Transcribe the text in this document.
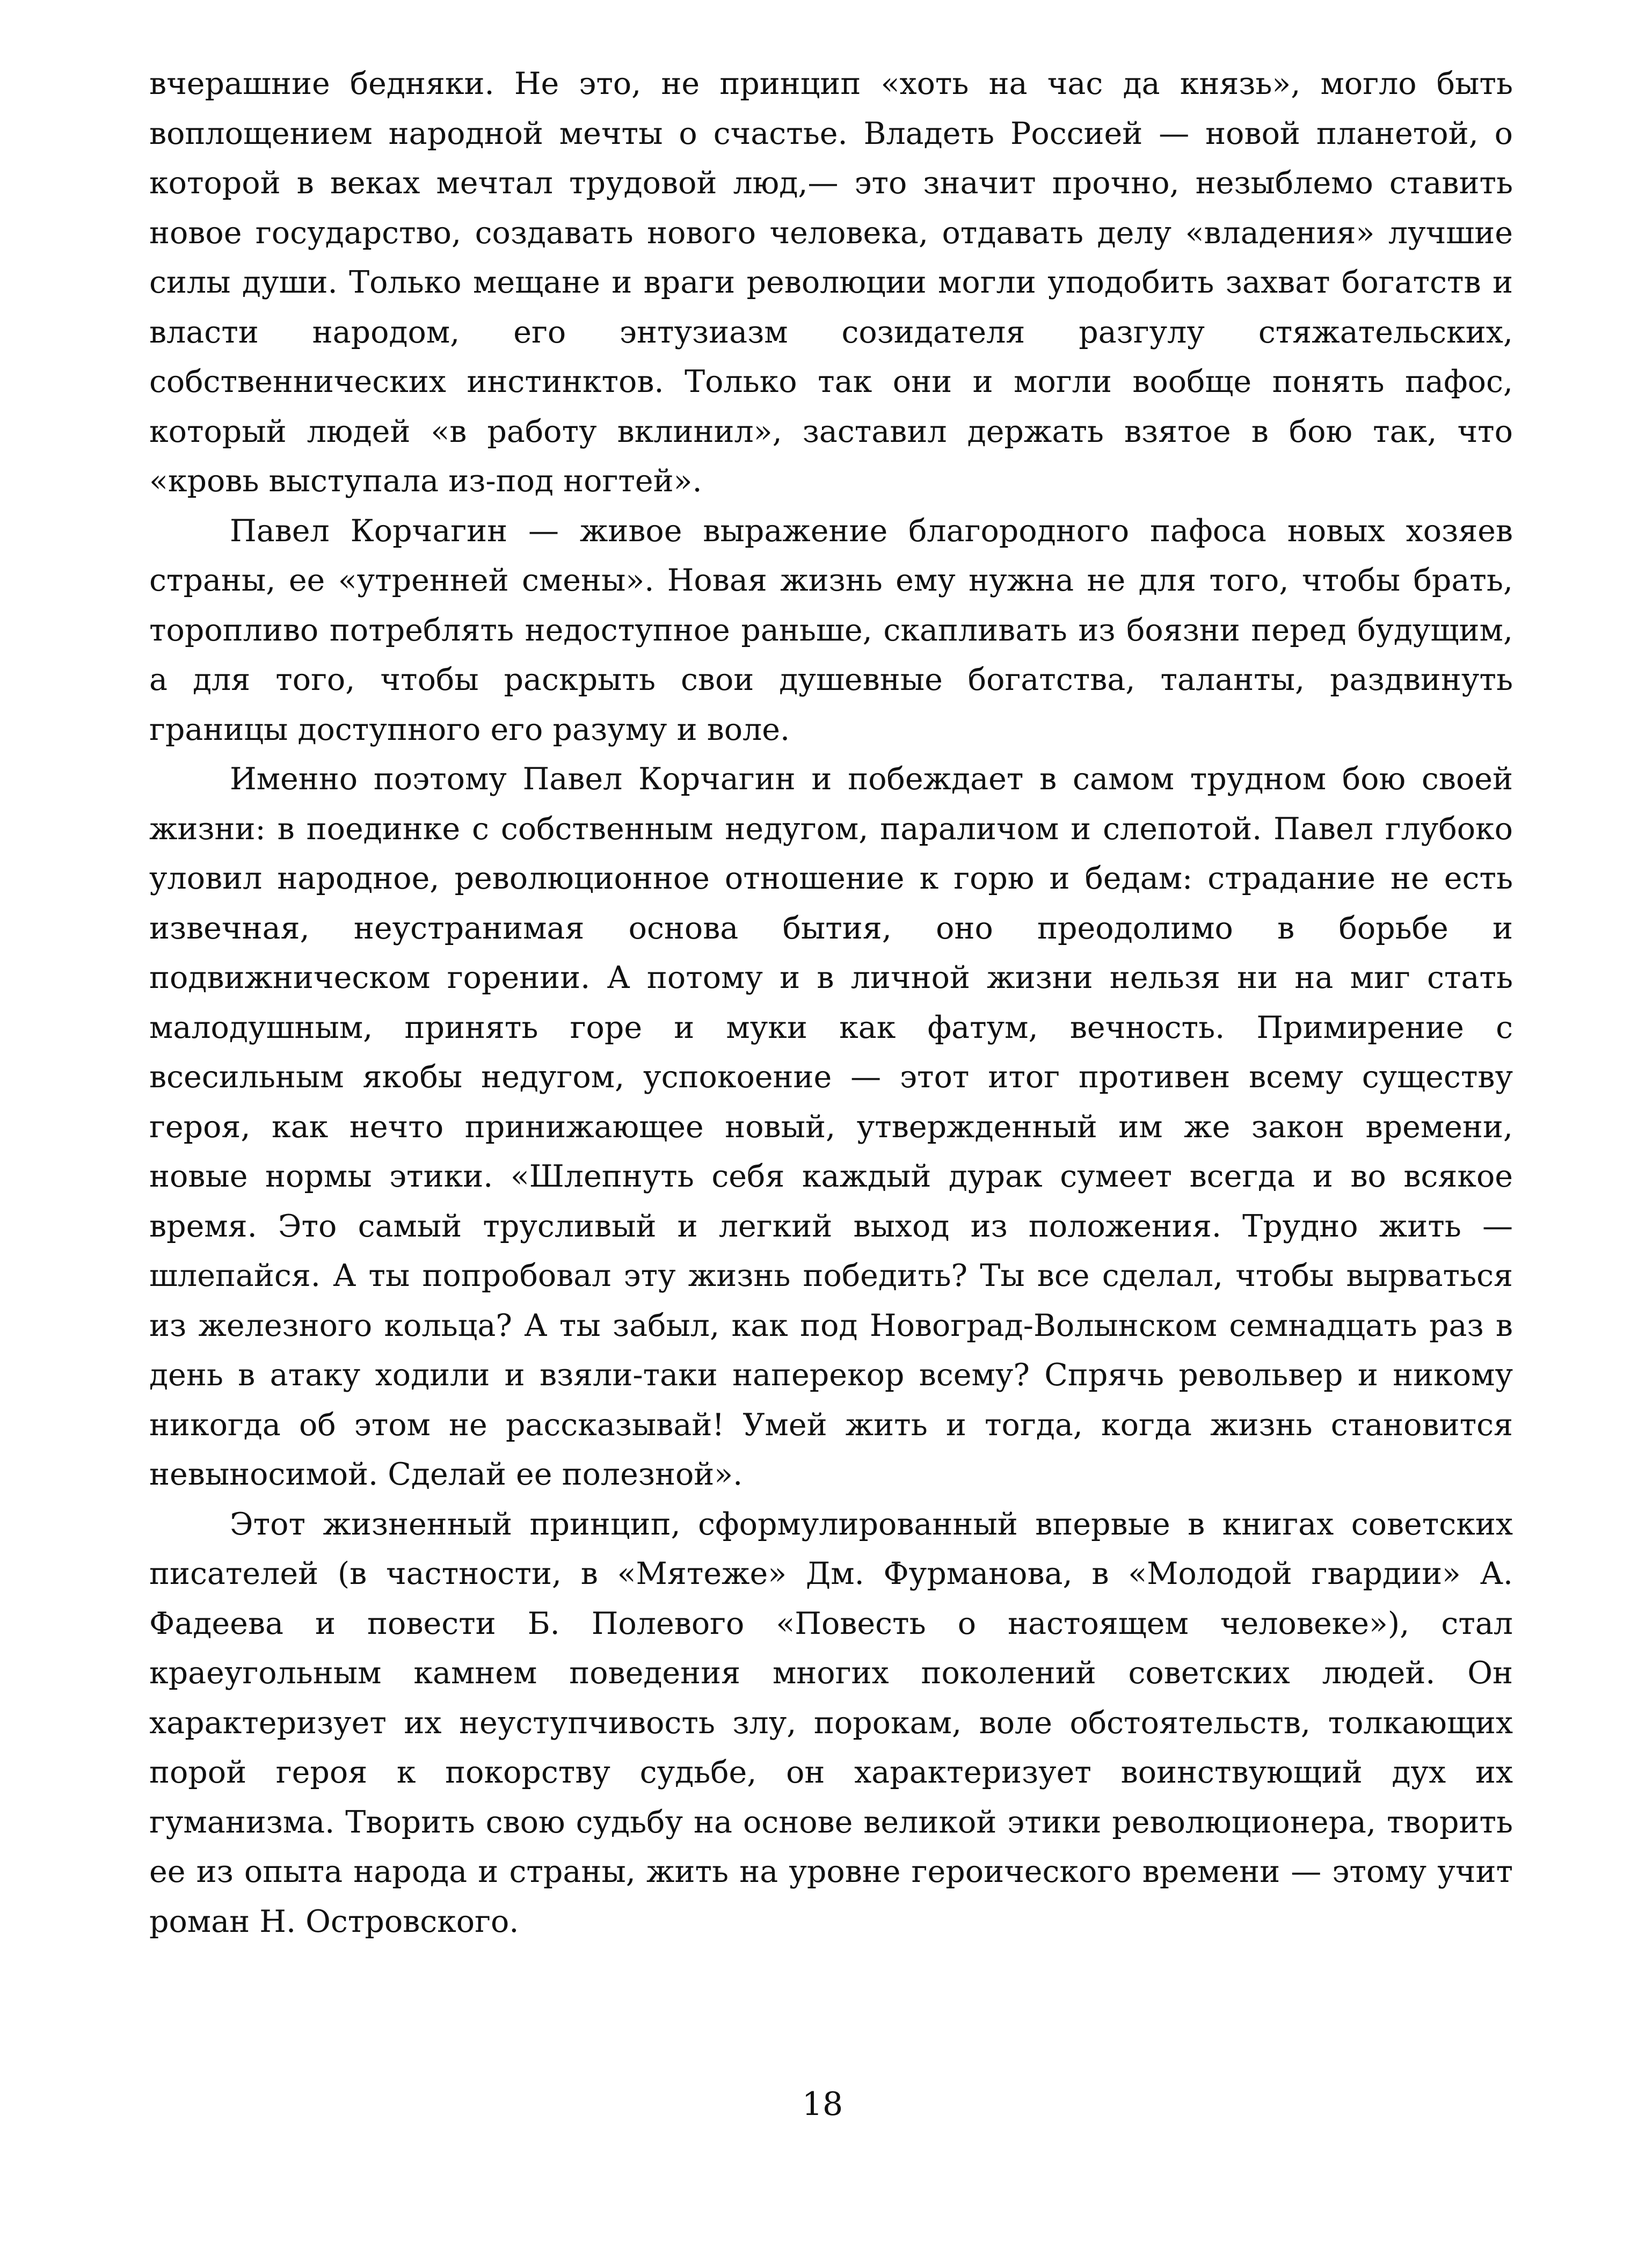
вчерашние бедняки. Не это, не принцип «хоть на час да князь», могло быть воплощением народной мечты о счастье. Владеть Россией — новой планетой, о которой в веках мечтал трудовой люд,— это значит прочно, незыблемо ставить новое государство, создавать нового человека, отдавать делу «владения» лучшие силы души. Только мещане и враги революции могли уподобить захват богатств и власти народом, его энтузиазм созидателя разгулу стяжательских, собственнических инстинктов. Только так они и могли вообще понять пафос, который людей «в работу вклинил», заставил держать взятое в бою так, что «кровь выступала из-под ногтей».

Павел Корчагин — живое выражение благородного пафоса новых хозяев страны, ее «утренней смены». Новая жизнь ему нужна не для того, чтобы брать, торопливо потреблять недоступное раньше, скапливать из боязни перед будущим, а для того, чтобы раскрыть свои душевные богатства, таланты, раздвинуть границы доступного его разуму и воле.

Именно поэтому Павел Корчагин и побеждает в самом трудном бою своей жизни: в поединке с собственным недугом, параличом и слепотой. Павел глубоко уловил народное, революционное отношение к горю и бедам: страдание не есть извечная, неустранимая основа бытия, оно преодолимо в борьбе и подвижническом горении. А потому и в личной жизни нельзя ни на миг стать малодушным, принять горе и муки как фатум, вечность. Примирение с всесильным якобы недугом, успокоение — этот итог противен всему существу героя, как нечто принижающее новый, утвержденный им же закон времени, новые нормы этики. «Шлепнуть себя каждый дурак сумеет всегда и во всякое время. Это самый трусливый и легкий выход из положения. Трудно жить — шлепайся. А ты попробовал эту жизнь победить? Ты все сделал, чтобы вырваться из железного кольца? А ты забыл, как под Новоград-Волынском семнадцать раз в день в атаку ходили и взяли-таки наперекор всему? Спрячь револьвер и никому никогда об этом не рассказывай! Умей жить и тогда, когда жизнь становится невыносимой. Сделай ее полезной».

Этот жизненный принцип, сформулированный впервые в книгах советских писателей (в частности, в «Мятеже» Дм. Фурманова, в «Молодой гвардии» А. Фадеева и повести Б. Полевого «Повесть о настоящем человеке»), стал краеугольным камнем поведения многих поколений советских людей. Он характеризует их неуступчивость злу, порокам, воле обстоятельств, толкающих порой героя к покорству судьбе, он характеризует воинствующий дух их гуманизма. Творить свою судьбу на основе великой этики революционера, творить ее из опыта народа и страны, жить на уровне героического времени — этому учит роман Н. Островского.

18
